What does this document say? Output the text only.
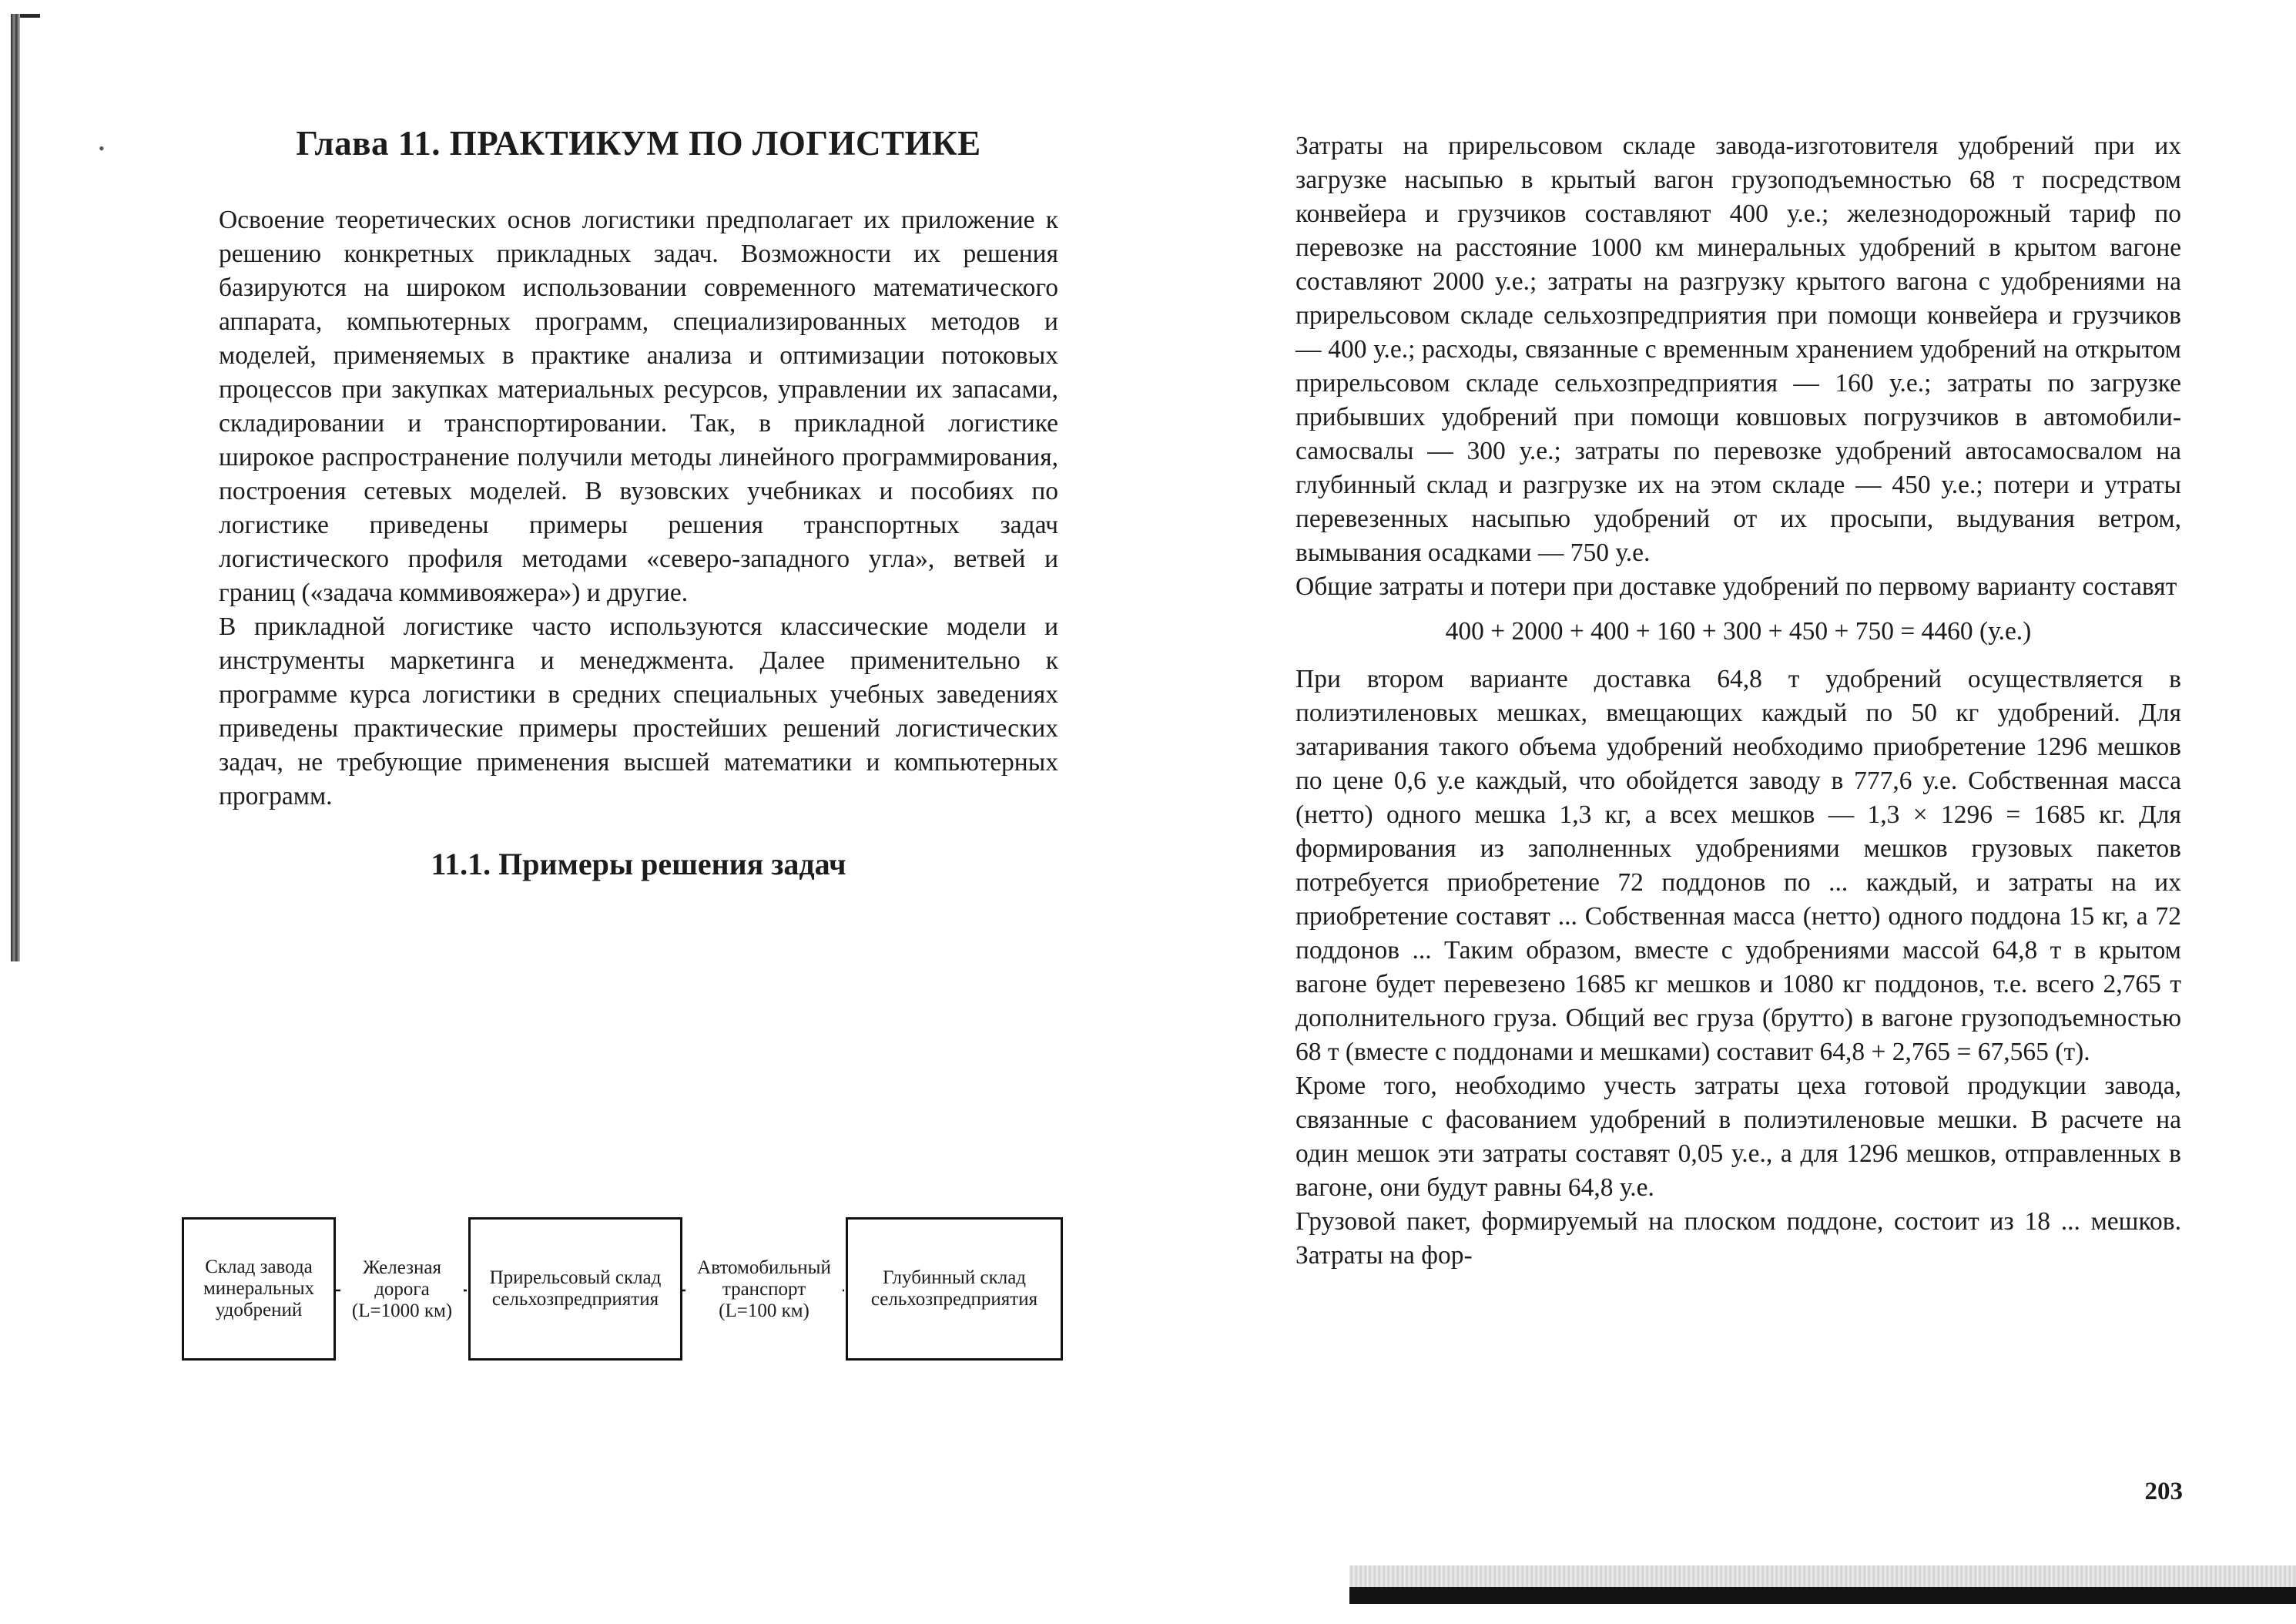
•	Глава 11. ПРАКТИКУМ ПО ЛОГИСТИКЕ

Освоение теоретических основ логистики предполагает их приложение к решению конкретных прикладных задач. Возможности их решения базируются на широком использовании современного математического аппарата, компьютерных программ, специализированных методов и моделей, применяемых в практике анализа и оптимизации потоковых процессов при закупках материальных ресурсов, управлении их запасами, складировании и транспортировании. Так, в прикладной логистике широкое распространение получили методы линейного программирования, построения сетевых моделей. В вузовских учебниках и пособиях по логистике приведены примеры решения транспортных задач логистического профиля методами «северо-западного угла», ветвей и границ («задача коммивояжера») и другие.

В прикладной логистике часто используются классические модели и инструменты маркетинга и менеджмента. Далее применительно к программе курса логистики в средних специальных учебных заведениях приведены практические примеры простейших решений логистических задач, не требующие применения высшей математики и компьютерных программ.

11.1. Примеры решения задач
Склад завода минеральных удобрений
Прирельсовый склад сельхозпредприятия
Глубинный склад сельхозпредприятия
Железная дорога
(L=1000 км)
Автомобильный транспорт
(L=100 км)

Затраты на прирельсовом складе завода-изготовителя удобрений при их загрузке насыпью в крытый вагон грузоподъемностью 68 т посредством конвейера и грузчиков составляют 400 у.е.; железнодорожный тариф по перевозке на расстояние 1000 км минеральных удобрений в крытом вагоне составляют 2000 у.е.; затраты на разгрузку крытого вагона с удобрениями на прирельсовом складе сельхозпредприятия при помощи конвейера и грузчиков — 400 у.е.; расходы, связанные с временным хранением удобрений на открытом прирельсовом складе сельхозпредприятия — 160 у.е.; затраты по загрузке прибывших удобрений при помощи ковшовых погрузчиков в автомобили-самосвалы — 300 у.е.; затраты по перевозке удобрений автосамосвалом на глубинный склад и разгрузке их на этом складе — 450 у.е.; потери и утраты перевезенных насыпью удобрений от их просыпи, выдувания ветром, вымывания осадками — 750 у.е.

Общие затраты и потери при доставке удобрений по первому варианту составят

400 + 2000 + 400 + 160 + 300 + 450 + 750 = 4460 (у.е.)

При втором варианте доставка 64,8 т удобрений осуществляется в полиэтиленовых мешках, вмещающих каждый по 50 кг удобрений. Для затаривания такого объема удобрений необходимо приобретение 1296 мешков по цене 0,6 у.е каждый, что обойдется заводу в 777,6 у.е. Собственная масса (нетто) одного мешка 1,3 кг, а всех мешков — 1,3 × 1296 = 1685 кг. Для формирования из заполненных удобрениями мешков грузовых пакетов потребуется приобретение 72 поддонов по ... каждый, и затраты на их приобретение составят ... Собственная масса (нетто) одного поддона 15 кг, а 72 поддонов ... Таким образом, вместе с удобрениями массой 64,8 т в крытом вагоне будет перевезено 1685 кг мешков и 1080 кг поддонов, т.е. всего 2,765 т дополнительного груза. Общий вес груза (брутто) в вагоне грузоподъемностью 68 т (вместе с поддонами и мешками) составит 64,8 + 2,765 = 67,565 (т).

Кроме того, необходимо учесть затраты цеха готовой продукции завода, связанные с фасованием удобрений в полиэтиленовые мешки. В расчете на один мешок эти затраты составят 0,05 у.е., а для 1296 мешков, отправленных в вагоне, они будут равны 64,8 у.е.

Грузовой пакет, формируемый на плоском поддоне, состоит из 18 ... мешков. Затраты на фор-

203
